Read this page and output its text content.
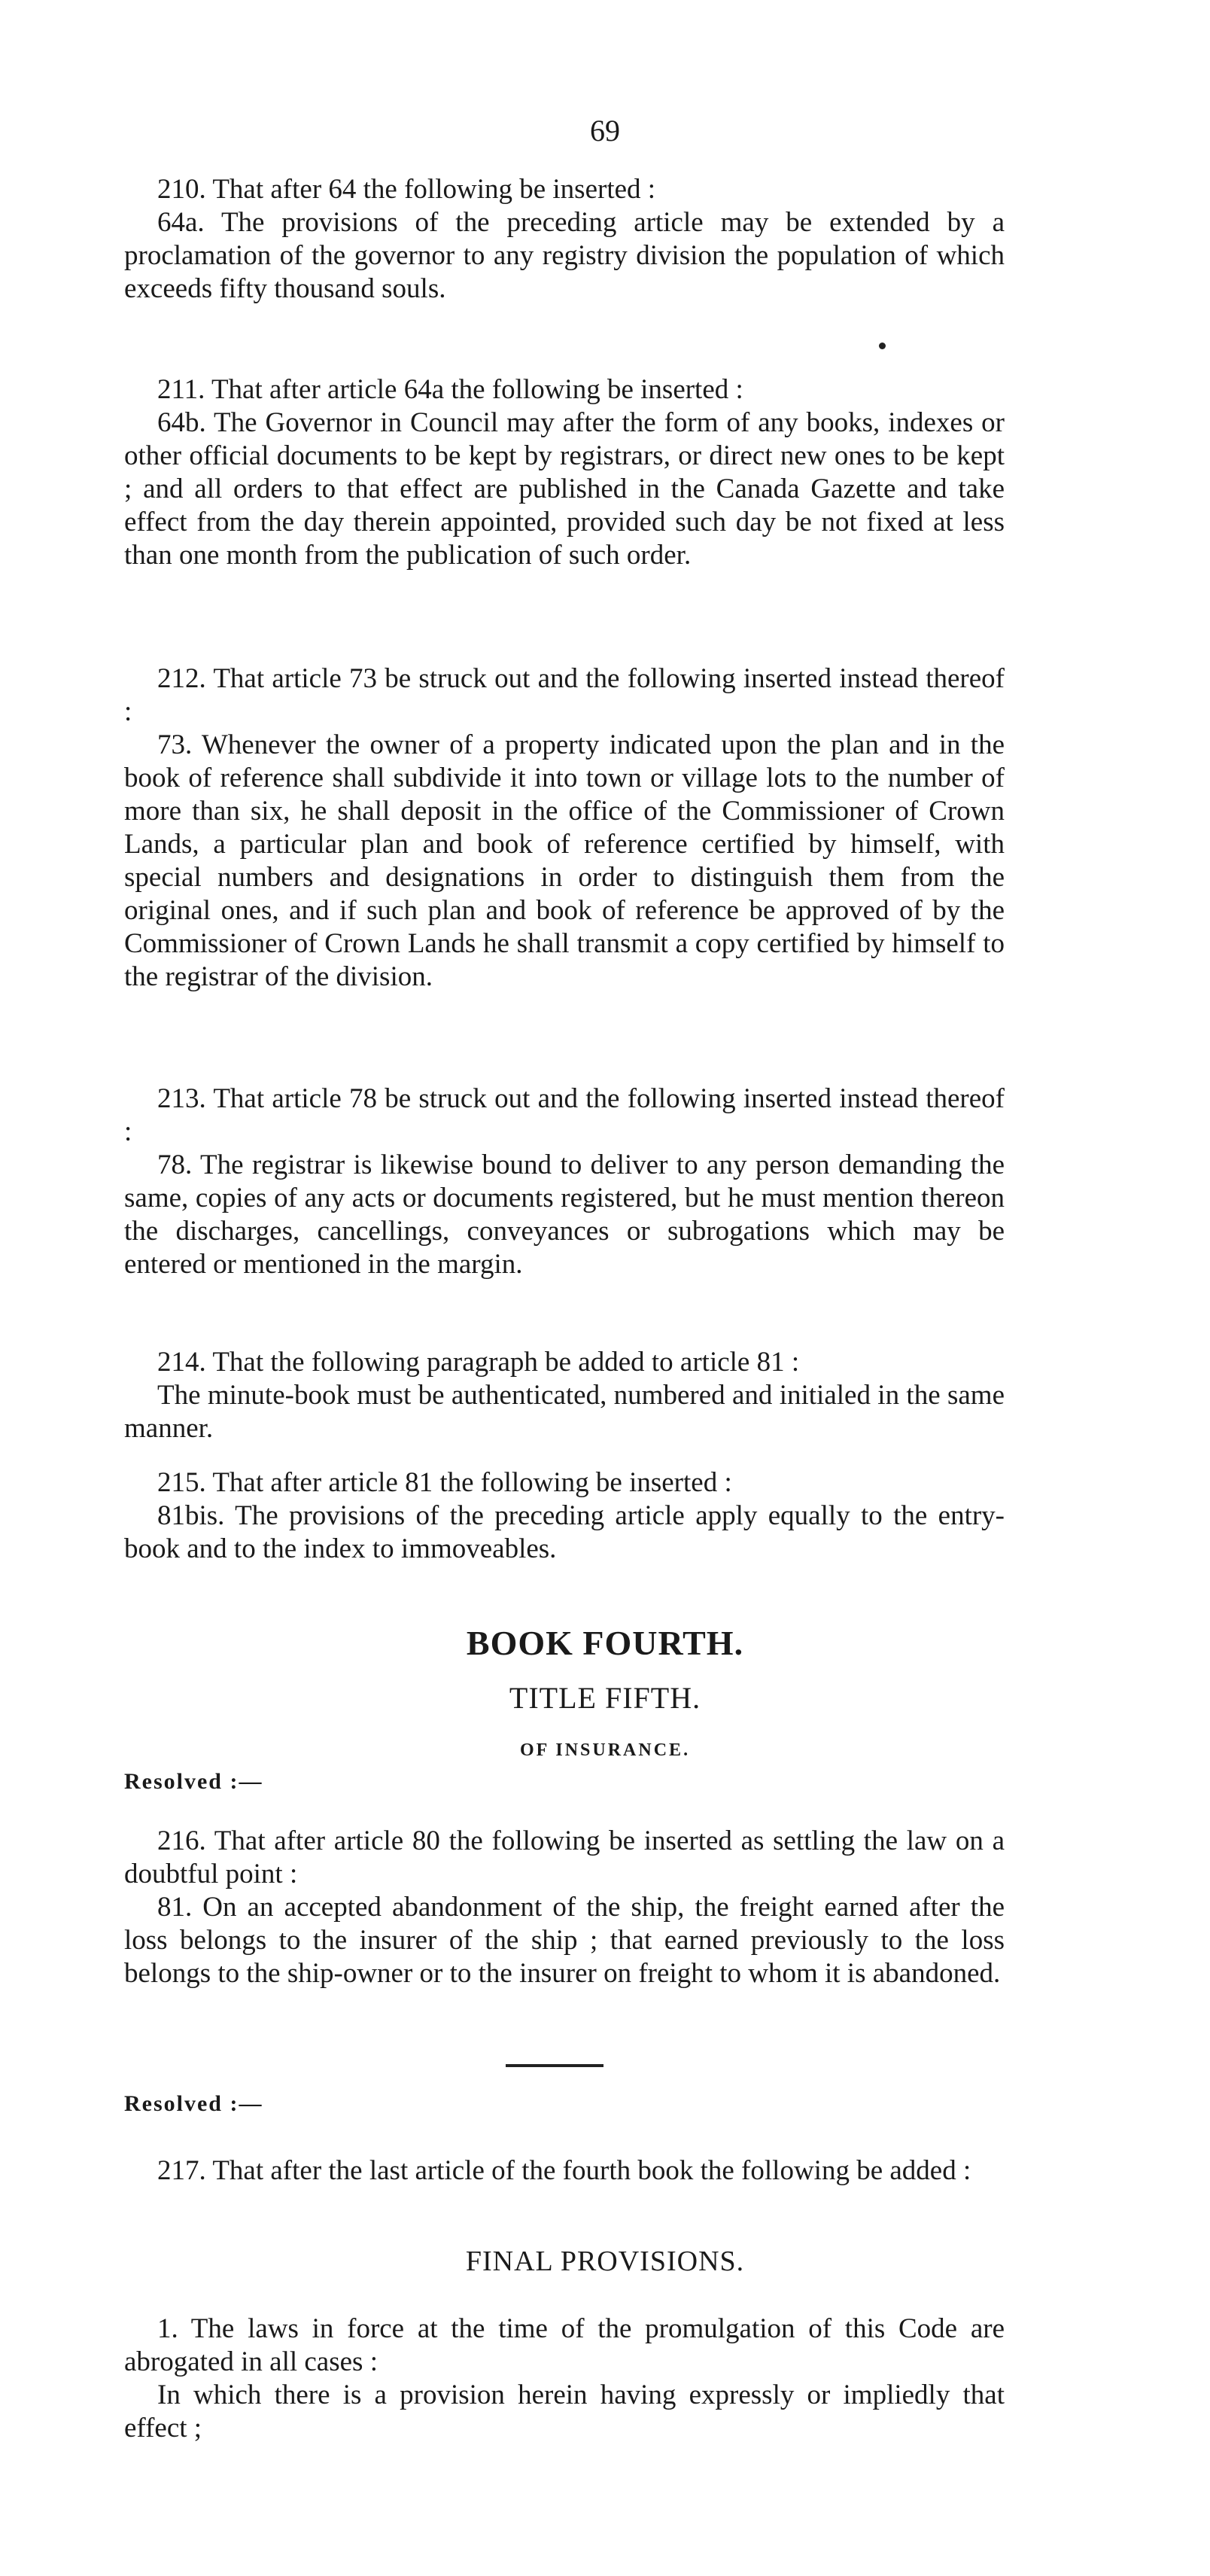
69

210. That after 64 the following be inserted :

64a. The provisions of the preceding article may be extended by a proclamation of the governor to any registry division the population of which exceeds fifty thousand souls.

211. That after article 64a the following be inserted :

64b. The Governor in Council may after the form of any books, indexes or other official documents to be kept by registrars, or direct new ones to be kept ; and all orders to that effect are published in the Canada Gazette and take effect from the day therein appointed, provided such day be not fixed at less than one month from the publication of such order.

212. That article 73 be struck out and the following inserted instead thereof :

73. Whenever the owner of a property indicated upon the plan and in the book of reference shall subdivide it into town or village lots to the number of more than six, he shall deposit in the office of the Commissioner of Crown Lands, a particular plan and book of reference certified by himself, with special numbers and designations in order to distinguish them from the original ones, and if such plan and book of reference be approved of by the Commissioner of Crown Lands he shall transmit a copy certified by himself to the registrar of the division.

213. That article 78 be struck out and the following inserted instead thereof :

78. The registrar is likewise bound to deliver to any person demanding the same, copies of any acts or documents registered, but he must mention thereon the discharges, cancellings, conveyances or subrogations which may be entered or mentioned in the margin.

214. That the following paragraph be added to article 81 :

The minute-book must be authenticated, numbered and initialed in the same manner.

215. That after article 81 the following be inserted :

81bis. The provisions of the preceding article apply equally to the entry-book and to the index to immoveables.

BOOK FOURTH.
TITLE FIFTH.
OF INSURANCE.
Resolved :—

216. That after article 80 the following be inserted as settling the law on a doubtful point :

81. On an accepted abandonment of the ship, the freight earned after the loss belongs to the insurer of the ship ; that earned previously to the loss belongs to the ship-owner or to the insurer on freight to whom it is abandoned.

Resolved :—

217. That after the last article of the fourth book the following be added :

FINAL PROVISIONS.

1. The laws in force at the time of the promulgation of this Code are abrogated in all cases :

In which there is a provision herein having expressly or impliedly that effect ;
